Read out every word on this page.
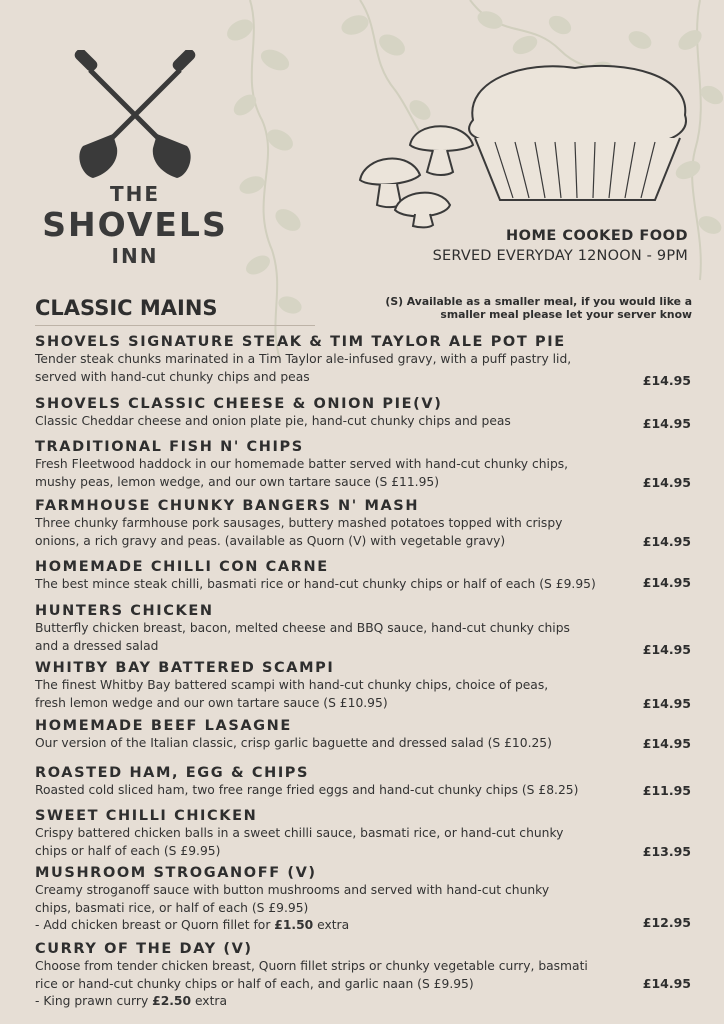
THE
SHOVELS
INN
HOME COOKED FOOD
SERVED EVERYDAY 12NOON - 9PM
CLASSIC MAINS	(S) Available as a smaller meal, if you would like a
smaller meal please let your server know
SHOVELS SIGNATURE STEAK & TIM TAYLOR ALE POT PIE
Tender steak chunks marinated in a Tim Taylor ale-infused gravy, with a puff pastry lid,
served with hand-cut chunky chips and peas	£14.95
SHOVELS CLASSIC CHEESE & ONION PIE(V)
Classic Cheddar cheese and onion plate pie, hand-cut chunky chips and peas	£14.95
TRADITIONAL FISH N' CHIPS
Fresh Fleetwood haddock in our homemade batter served with hand-cut chunky chips,
mushy peas, lemon wedge, and our own tartare sauce (S £11.95)	£14.95
FARMHOUSE CHUNKY BANGERS N' MASH
Three chunky farmhouse pork sausages, buttery mashed potatoes topped with crispy
onions, a rich gravy and peas. (available as Quorn (V) with vegetable gravy)	£14.95
HOMEMADE CHILLI CON CARNE
The best mince steak chilli, basmati rice or hand-cut chunky chips or half of each (S £9.95)	£14.95
HUNTERS CHICKEN
Butterfly chicken breast, bacon, melted cheese and BBQ sauce, hand-cut chunky chips
and a dressed salad	£14.95
WHITBY BAY BATTERED SCAMPI
The finest Whitby Bay battered scampi with hand-cut chunky chips, choice of peas,
fresh lemon wedge and our own tartare sauce (S £10.95)	£14.95
HOMEMADE BEEF LASAGNE
Our version of the Italian classic, crisp garlic baguette and dressed salad (S £10.25)	£14.95
ROASTED HAM, EGG & CHIPS
Roasted cold sliced ham, two free range fried eggs and hand-cut chunky chips (S £8.25)	£11.95
SWEET CHILLI CHICKEN
Crispy battered chicken balls in a sweet chilli sauce, basmati rice, or hand-cut chunky
chips or half of each (S £9.95)	£13.95
MUSHROOM STROGANOFF (V)
Creamy stroganoff sauce with button mushrooms and served with hand-cut chunky
chips, basmati rice, or half of each (S £9.95)
- Add chicken breast or Quorn fillet for £1.50 extra	£12.95
CURRY OF THE DAY (V)
Choose from tender chicken breast, Quorn fillet strips or chunky vegetable curry, basmati
rice or hand-cut chunky chips or half of each, and garlic naan (S £9.95)
- King prawn curry £2.50 extra
£14.95
